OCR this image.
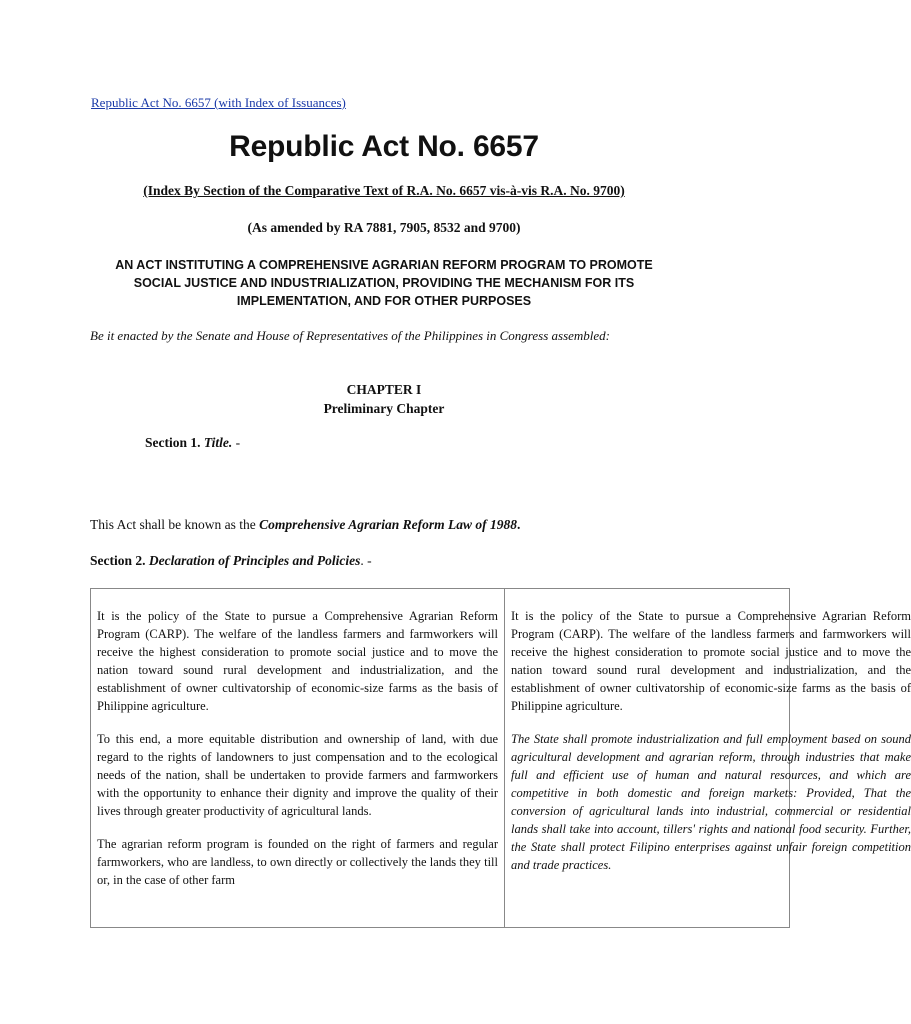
Republic Act No. 6657 (with Index of Issuances)
Republic Act No. 6657
(Index By Section of the Comparative Text of R.A. No. 6657 vis-à-vis R.A. No. 9700)
(As amended by RA 7881, 7905, 8532 and 9700)
AN ACT INSTITUTING A COMPREHENSIVE AGRARIAN REFORM PROGRAM TO PROMOTE SOCIAL JUSTICE AND INDUSTRIALIZATION, PROVIDING THE MECHANISM FOR ITS IMPLEMENTATION, AND FOR OTHER PURPOSES
Be it enacted by the Senate and House of Representatives of the Philippines in Congress assembled:
CHAPTER I
Preliminary Chapter
Section 1. Title. -
This Act shall be known as the Comprehensive Agrarian Reform Law of 1988.
Section 2. Declaration of Principles and Policies. -

It is the policy of the State to pursue a Comprehensive Agrarian Reform Program (CARP). The welfare of the landless farmers and farmworkers will receive the highest consideration to promote social justice and to move the nation toward sound rural development and industrialization, and the establishment of owner cultivatorship of economic-size farms as the basis of Philippine agriculture.

To this end, a more equitable distribution and ownership of land, with due regard to the rights of landowners to just compensation and to the ecological needs of the nation, shall be undertaken to provide farmers and farmworkers with the opportunity to enhance their dignity and improve the quality of their lives through greater productivity of agricultural lands.

The agrarian reform program is founded on the right of farmers and regular farmworkers, who are landless, to own directly or collectively the lands they till or, in the case of other farm

It is the policy of the State to pursue a Comprehensive Agrarian Reform Program (CARP). The welfare of the landless farmers and farmworkers will receive the highest consideration to promote social justice and to move the nation toward sound rural development and industrialization, and the establishment of owner cultivatorship of economic-size farms as the basis of Philippine agriculture.

The State shall promote industrialization and full employment based on sound agricultural development and agrarian reform, through industries that make full and efficient use of human and natural resources, and which are competitive in both domestic and foreign markets: Provided, That the conversion of agricultural lands into industrial, commercial or residential lands shall take into account, tillers' rights and national food security. Further, the State shall protect Filipino enterprises against unfair foreign competition and trade practices.
